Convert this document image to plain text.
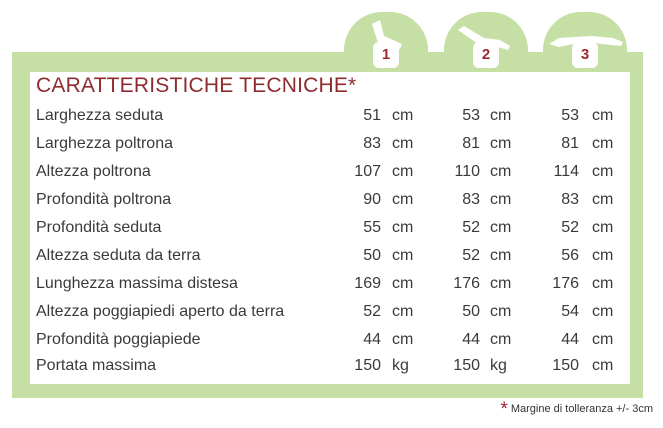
1	2	3
CARATTERISTICHE TECNICHE*
Larghezza seduta	51 cm	53 cm	53 cm
Larghezza poltrona	83 cm	81 cm	81 cm
Altezza poltrona	107 cm	110 cm	114 cm
Profondità poltrona	90 cm	83 cm	83 cm
Profondità seduta	55 cm	52 cm	52 cm
Altezza seduta da terra	50 cm	52 cm	56 cm
Lunghezza massima distesa	169 cm 176 cm	176 cm
Altezza poggiapiedi aperto da terra	52 cm	50 cm	54 cm
Profondità poggiapiede	44 cm	44 cm	44 cm
Portata massima	150 kg	150 kg	150 cm
* Margine di tolleranza +/- 3cm
